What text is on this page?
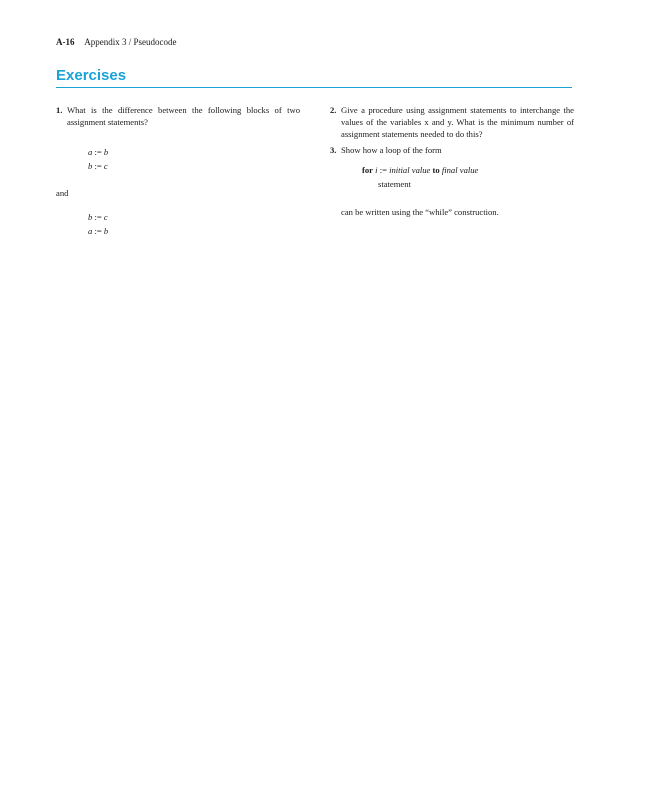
A-16 Appendix 3 / Pseudocode
Exercises
1. What is the difference between the following blocks of two assignment statements?
a := b
b := c
and
b := c
a := b
2. Give a procedure using assignment statements to interchange the values of the variables x and y. What is the minimum number of assignment statements needed to do this?
3. Show how a loop of the form
for i := initial value to final value
statement
can be written using the “while” construction.
